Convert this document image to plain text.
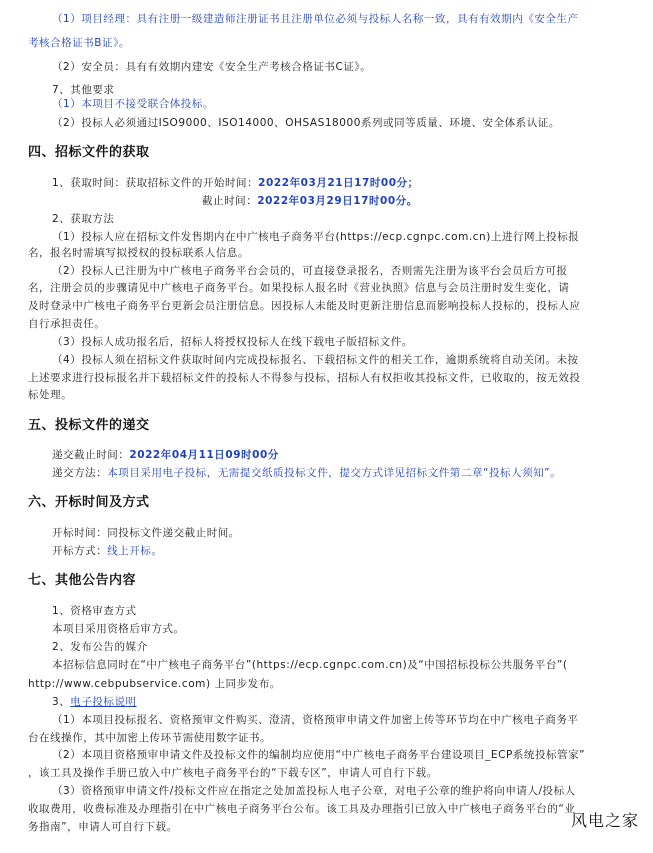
（1）项目经理：具有注册一级建造师注册证书且注册单位必须与投标人名称一致，具有有效期内《安全生产
考核合格证书B证》。
（2）安全员：具有有效期内建安《安全生产考核合格证书C证》。
7、其他要求
（1）本项目不接受联合体投标。
（2）投标人必须通过ISO9000、ISO14000、OHSAS18000系列或同等质量、环境、安全体系认证。
四、招标文件的获取
1、获取时间：获取招标文件的开始时间：2022年03月21日17时00分；
截止时间：2022年03月29日17时00分。
2、获取方法
（1）投标人应在招标文件发售期内在中广核电子商务平台(https://ecp.cgnpc.com.cn)上进行网上投标报
名，报名时需填写拟授权的投标联系人信息。
（2）投标人已注册为中广核电子商务平台会员的，可直接登录报名，否则需先注册为该平台会员后方可报
名，注册会员的步骤请见中广核电子商务平台。如果投标人报名时《营业执照》信息与会员注册时发生变化，请
及时登录中广核电子商务平台更新会员注册信息。因投标人未能及时更新注册信息而影响投标人投标的，投标人应
自行承担责任。
（3）投标人成功报名后，招标人将授权投标人在线下载电子版招标文件。
（4）投标人须在招标文件获取时间内完成投标报名、下载招标文件的相关工作，逾期系统将自动关闭。未按
上述要求进行投标报名并下载招标文件的投标人不得参与投标，招标人有权拒收其投标文件，已收取的，按无效投
标处理。
五、投标文件的递交
递交截止时间：2022年04月11日09时00分
递交方法：本项目采用电子投标，无需提交纸质投标文件，提交方式详见招标文件第二章“投标人须知”。
六、开标时间及方式
开标时间：同投标文件递交截止时间。
开标方式：线上开标。
七、其他公告内容
1、资格审查方式
本项目采用资格后审方式。
2、发布公告的媒介
本招标信息同时在“中广核电子商务平台”(https://ecp.cgnpc.com.cn)及“中国招标投标公共服务平台”(
http://www.cebpubservice.com) 上同步发布。
3、电子投标说明
（1）本项目投标报名、资格预审文件购买、澄清，资格预审申请文件加密上传等环节均在中广核电子商务平
台在线操作，其中加密上传环节需使用数字证书。
（2）本项目资格预审申请文件及投标文件的编制均应使用“中广核电子商务平台建设项目_ECP系统投标管家”
，该工具及操作手册已放入中广核电子商务平台的“下载专区”，申请人可自行下载。
（3）资格预审申请文件/投标文件应在指定之处加盖投标人电子公章，对电子公章的维护将向申请人/投标人
收取费用，收费标准及办理指引在中广核电子商务平台公布。该工具及办理指引已放入中广核电子商务平台的“业
务指南”，申请人可自行下载。	风电之家
